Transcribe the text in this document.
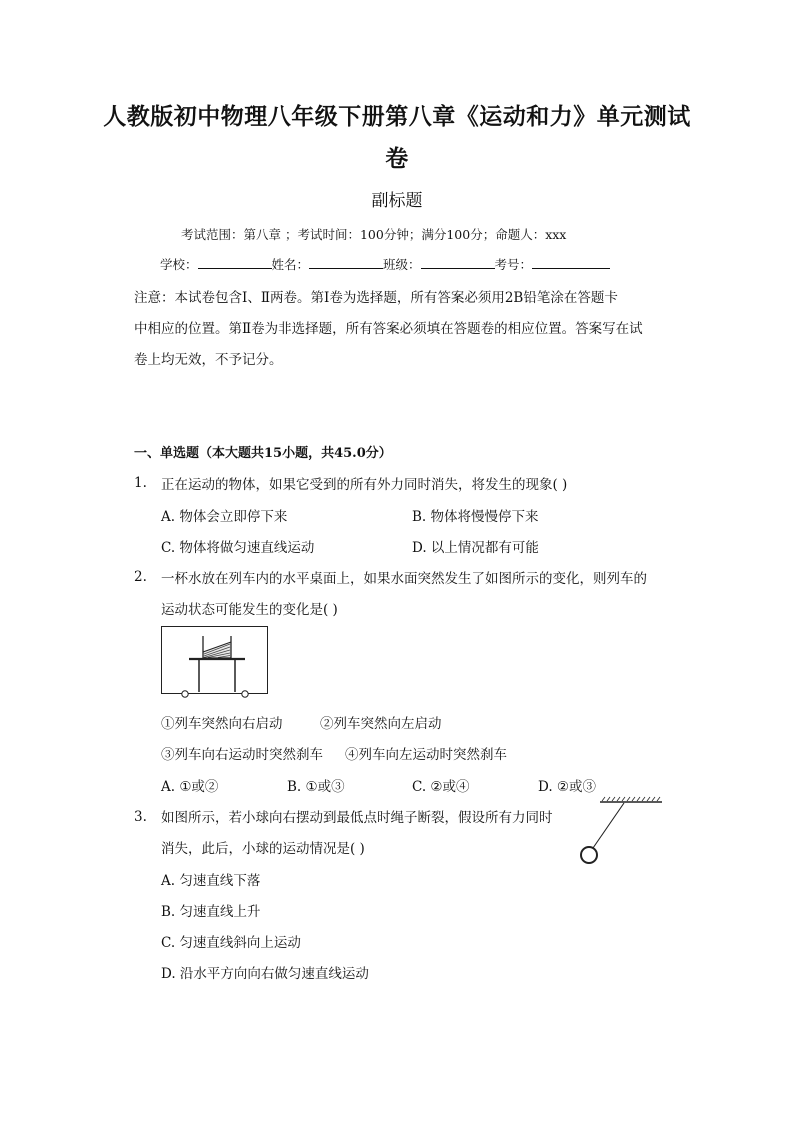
人教版初中物理八年级下册第八章《运动和力》单元测试
卷
副标题
考试范围：第八章 ；考试时间：100分钟；满分100分；命题人：xxx
学校：	姓名：	班级：	考号：
注意：本试卷包含Ⅰ、Ⅱ两卷。第Ⅰ卷为选择题，所有答案必须用2B铅笔涂在答题卡
中相应的位置。第Ⅱ卷为非选择题，所有答案必须填在答题卷的相应位置。答案写在试
卷上均无效，不予记分。
一、单选题（本大题共15小题，共45.0分）
1. 正在运动的物体，如果它受到的所有外力同时消失，将发生的现象( )
A. 物体会立即停下来	B. 物体将慢慢停下来
C. 物体将做匀速直线运动	D. 以上情况都有可能
2. 一杯水放在列车内的水平桌面上，如果水面突然发生了如图所示的变化，则列车的
运动状态可能发生的变化是( )
①列车突然向右启动	②列车突然向左启动
③列车向右运动时突然刹车 ④列车向左运动时突然刹车
A. ①或②	B. ①或③	C. ②或④	D. ②或③
3. 如图所示，若小球向右摆动到最低点时绳子断裂，假设所有力同时
消失，此后，小球的运动情况是( )
A. 匀速直线下落
B. 匀速直线上升
C. 匀速直线斜向上运动
D. 沿水平方向向右做匀速直线运动
